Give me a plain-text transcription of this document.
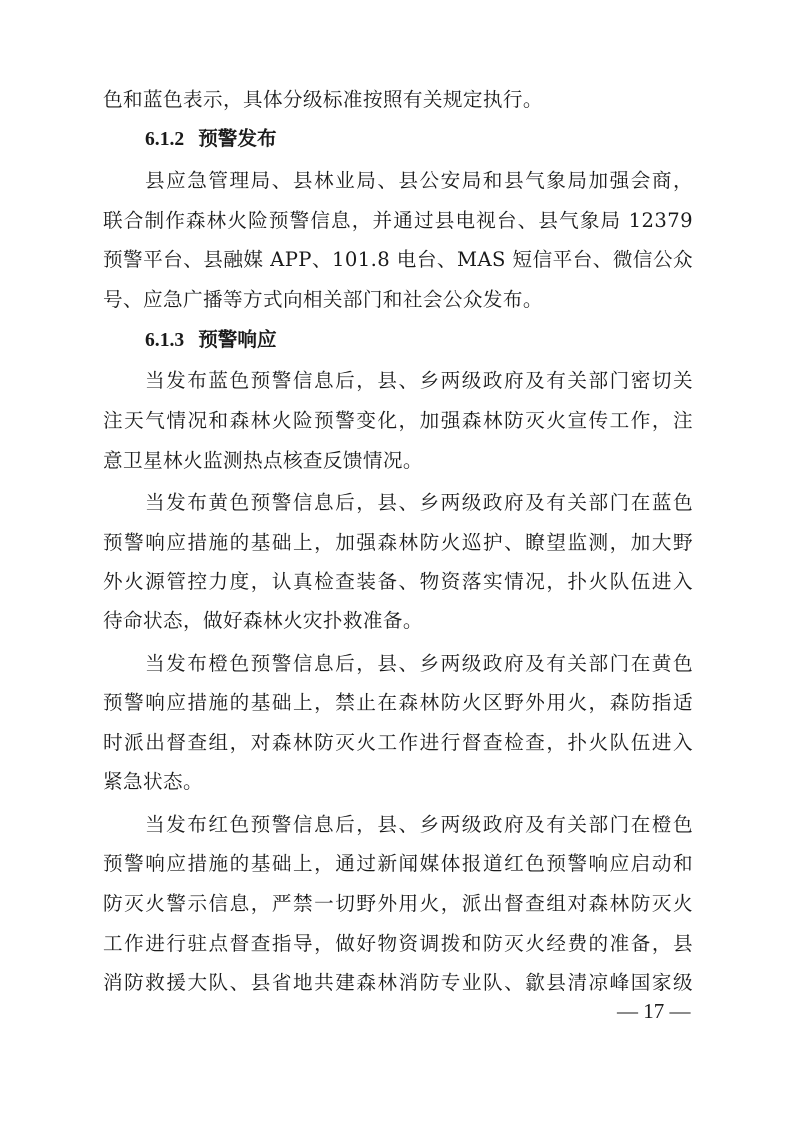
色和蓝色表示，具体分级标准按照有关规定执行。
6.1.2 预警发布
县应急管理局、县林业局、县公安局和县气象局加强会商，
联合制作森林火险预警信息，并通过县电视台、县气象局 12379
预警平台、县融媒 APP、101.8 电台、MAS 短信平台、微信公众
号、应急广播等方式向相关部门和社会公众发布。
6.1.3 预警响应
当发布蓝色预警信息后，县、乡两级政府及有关部门密切关
注天气情况和森林火险预警变化，加强森林防灭火宣传工作，注
意卫星林火监测热点核查反馈情况。
当发布黄色预警信息后，县、乡两级政府及有关部门在蓝色
预警响应措施的基础上，加强森林防火巡护、瞭望监测，加大野
外火源管控力度，认真检查装备、物资落实情况，扑火队伍进入
待命状态，做好森林火灾扑救准备。
当发布橙色预警信息后，县、乡两级政府及有关部门在黄色
预警响应措施的基础上，禁止在森林防火区野外用火，森防指适
时派出督查组，对森林防灭火工作进行督查检查，扑火队伍进入
紧急状态。
当发布红色预警信息后，县、乡两级政府及有关部门在橙色
预警响应措施的基础上，通过新闻媒体报道红色预警响应启动和
防灭火警示信息，严禁一切野外用火，派出督查组对森林防灭火
工作进行驻点督查指导，做好物资调拨和防灭火经费的准备，县
消防救援大队、县省地共建森林消防专业队、歙县清凉峰国家级
— 17 —
